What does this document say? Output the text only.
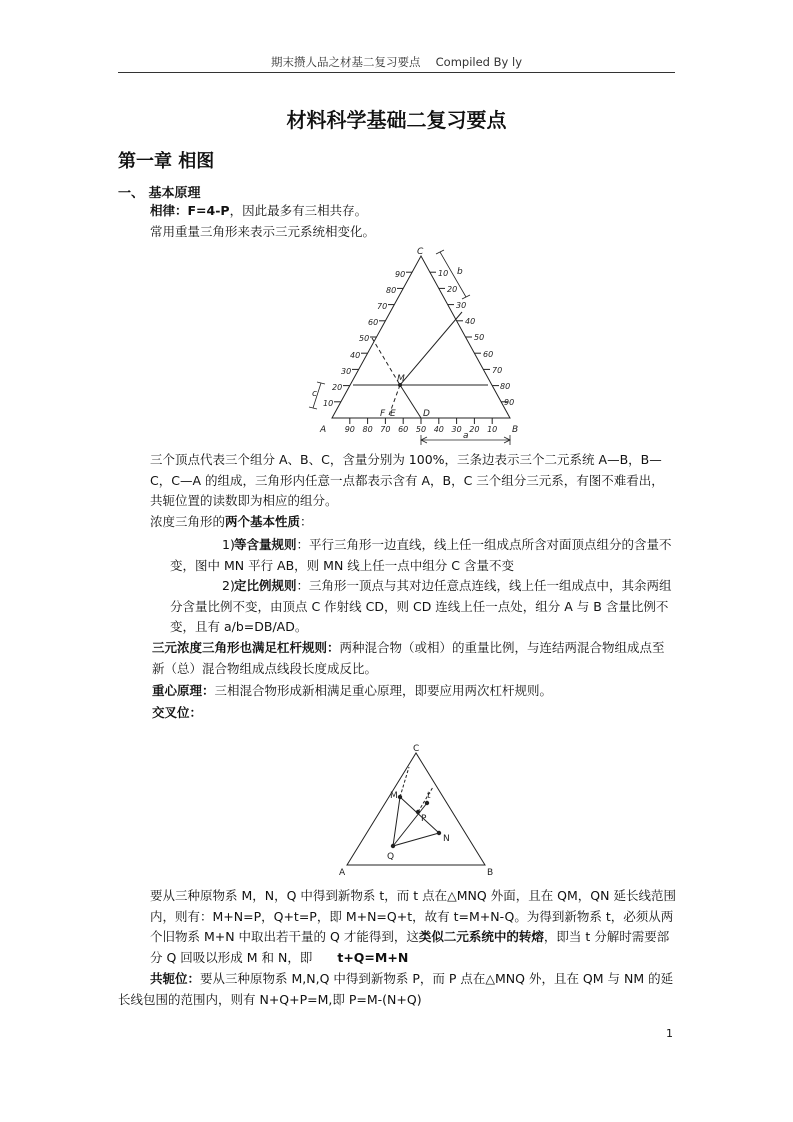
期末攒人品之材基二复习要点　 Compiled By ly
材料科学基础二复习要点
第一章 相图
一、 基本原理
相律：F=4-P，因此最多有三相共存。
常用重量三角形来表示三元系统相变化。
10
20
30
40
50
60
70
80
90	10
20
30
40
50
60
70
80
90
90 80 70 60 50 40 30 20 10
A	B
C
M
F E	D
b
c
a
三个顶点代表三个组分 A、B、C，含量分别为 100%，三条边表示三个二元系统 A—B，B—C，C—A 的组成，三角形内任意一点都表示含有 A，B，C 三个组分三元系，有图不难看出，共轭位置的读数即为相应的组分。
浓度三角形的两个基本性质：
1)等含量规则：平行三角形一边直线，线上任一组成点所含对面顶点组分的含量不变，图中 MN 平行 AB，则 MN 线上任一点中组分 C 含量不变
2)定比例规则：三角形一顶点与其对边任意点连线，线上任一组成点中，其余两组分含量比例不变，由顶点 C 作射线 CD，则 CD 连线上任一点处，组分 A 与 B 含量比例不变，且有 a/b=DB/AD。
三元浓度三角形也满足杠杆规则：两种混合物（或相）的重量比例，与连结两混合物组成点至新（总）混合物组成点线段长度成反比。
重心原理：三相混合物形成新相满足重心原理，即要应用两次杠杆规则。
交叉位：
A	B
C
M
N
Q
P
t
要从三种原物系 M，N，Q 中得到新物系 t，而 t 点在△MNQ 外面，且在 QM，QN 延长线范围内，则有：M+N=P，Q+t=P，即 M+N=Q+t，故有 t=M+N-Q。为得到新物系 t，必须从两个旧物系 M+N 中取出若干量的 Q 才能得到，这类似二元系统中的转熔，即当 t 分解时需要部分 Q 回吸以形成 M 和 N，即　　 t+Q=M+N
共轭位：要从三种原物系 M,N,Q 中得到新物系 P，而 P 点在△MNQ 外，且在 QM 与 NM 的延长线包围的范围内，则有 N+Q+P=M,即 P=M-(N+Q)
1
